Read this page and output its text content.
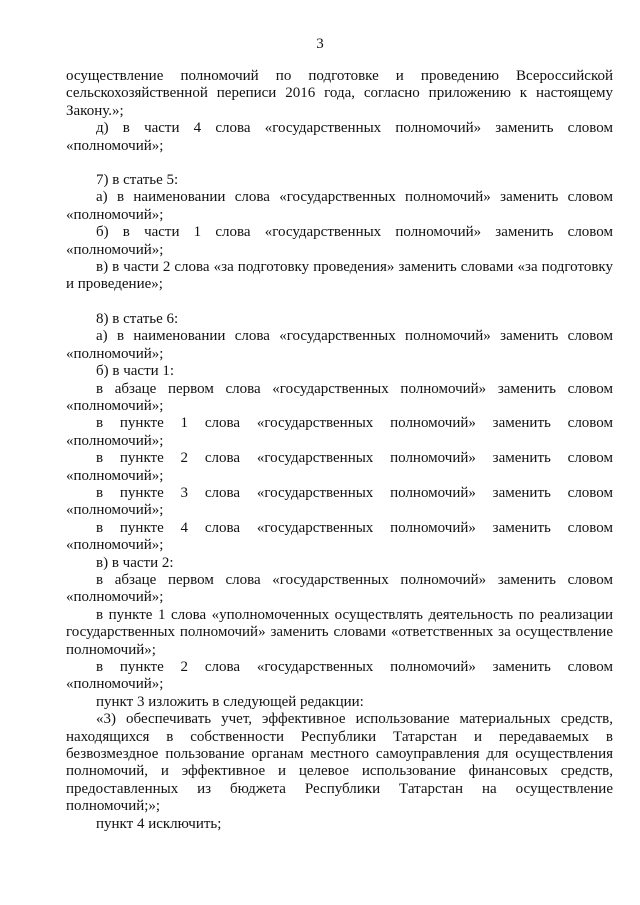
3
осуществление полномочий по подготовке и проведению Всероссийской
сельскохозяйственной переписи 2016 года, согласно приложению к настоящему
Закону.»;
д) в части 4 слова «государственных полномочий» заменить словом
«полномочий»;
7) в статье 5:
а) в наименовании слова «государственных полномочий» заменить словом
«полномочий»;
б) в части 1 слова «государственных полномочий» заменить словом
«полномочий»;
в) в части 2 слова «за подготовку проведения» заменить словами «за подготовку
и проведение»;
8) в статье 6:
а) в наименовании слова «государственных полномочий» заменить словом
«полномочий»;
б) в части 1:
в абзаце первом слова «государственных полномочий» заменить словом
«полномочий»;
в пункте 1 слова «государственных полномочий» заменить словом
«полномочий»;
в пункте 2 слова «государственных полномочий» заменить словом
«полномочий»;
в пункте 3 слова «государственных полномочий» заменить словом
«полномочий»;
в пункте 4 слова «государственных полномочий» заменить словом
«полномочий»;
в) в части 2:
в абзаце первом слова «государственных полномочий» заменить словом
«полномочий»;
в пункте 1 слова «уполномоченных осуществлять деятельность по реализации
государственных полномочий» заменить словами «ответственных за осуществление
полномочий»;
в пункте 2 слова «государственных полномочий» заменить словом
«полномочий»;
пункт 3 изложить в следующей редакции:
«3) обеспечивать учет, эффективное использование материальных средств,
находящихся в собственности Республики Татарстан и передаваемых в
безвозмездное пользование органам местного самоуправления для осуществления
полномочий, и эффективное и целевое использование финансовых средств,
предоставленных из бюджета Республики Татарстан на осуществление
полномочий;»;
пункт 4 исключить;
